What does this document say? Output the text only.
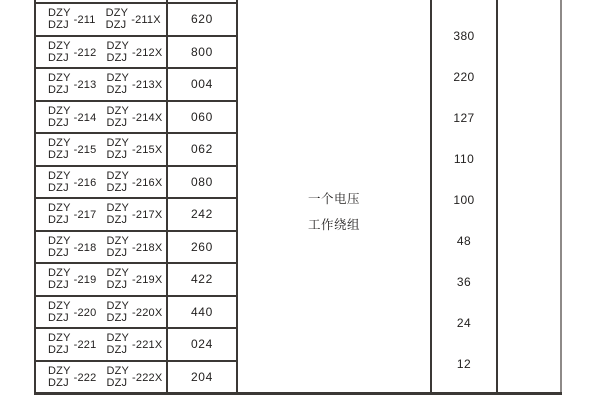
DZY
DZJ -211
DZY
DZJ -211X
DZY
DZJ -212
DZY
DZJ -212X
DZY
DZJ -213
DZY
DZJ -213X
DZY
DZJ -214
DZY
DZJ -214X
DZY
DZJ -215
DZY
DZJ -215X
DZY
DZJ -216
DZY
DZJ -216X
DZY
DZJ -217
DZY
DZJ -217X
DZY
DZJ -218
DZY
DZJ -218X
DZY
DZJ -219
DZY
DZJ -219X
DZY
DZJ -220
DZY
DZJ -220X
DZY
DZJ -221
DZY
DZJ -221X
DZY
DZJ -222
DZY
DZJ -222X
620
800
004
060
062
080
242
260
422
440
024
204
一个电压
工作绕组
380
220
127
110
100
48
36
24
12
